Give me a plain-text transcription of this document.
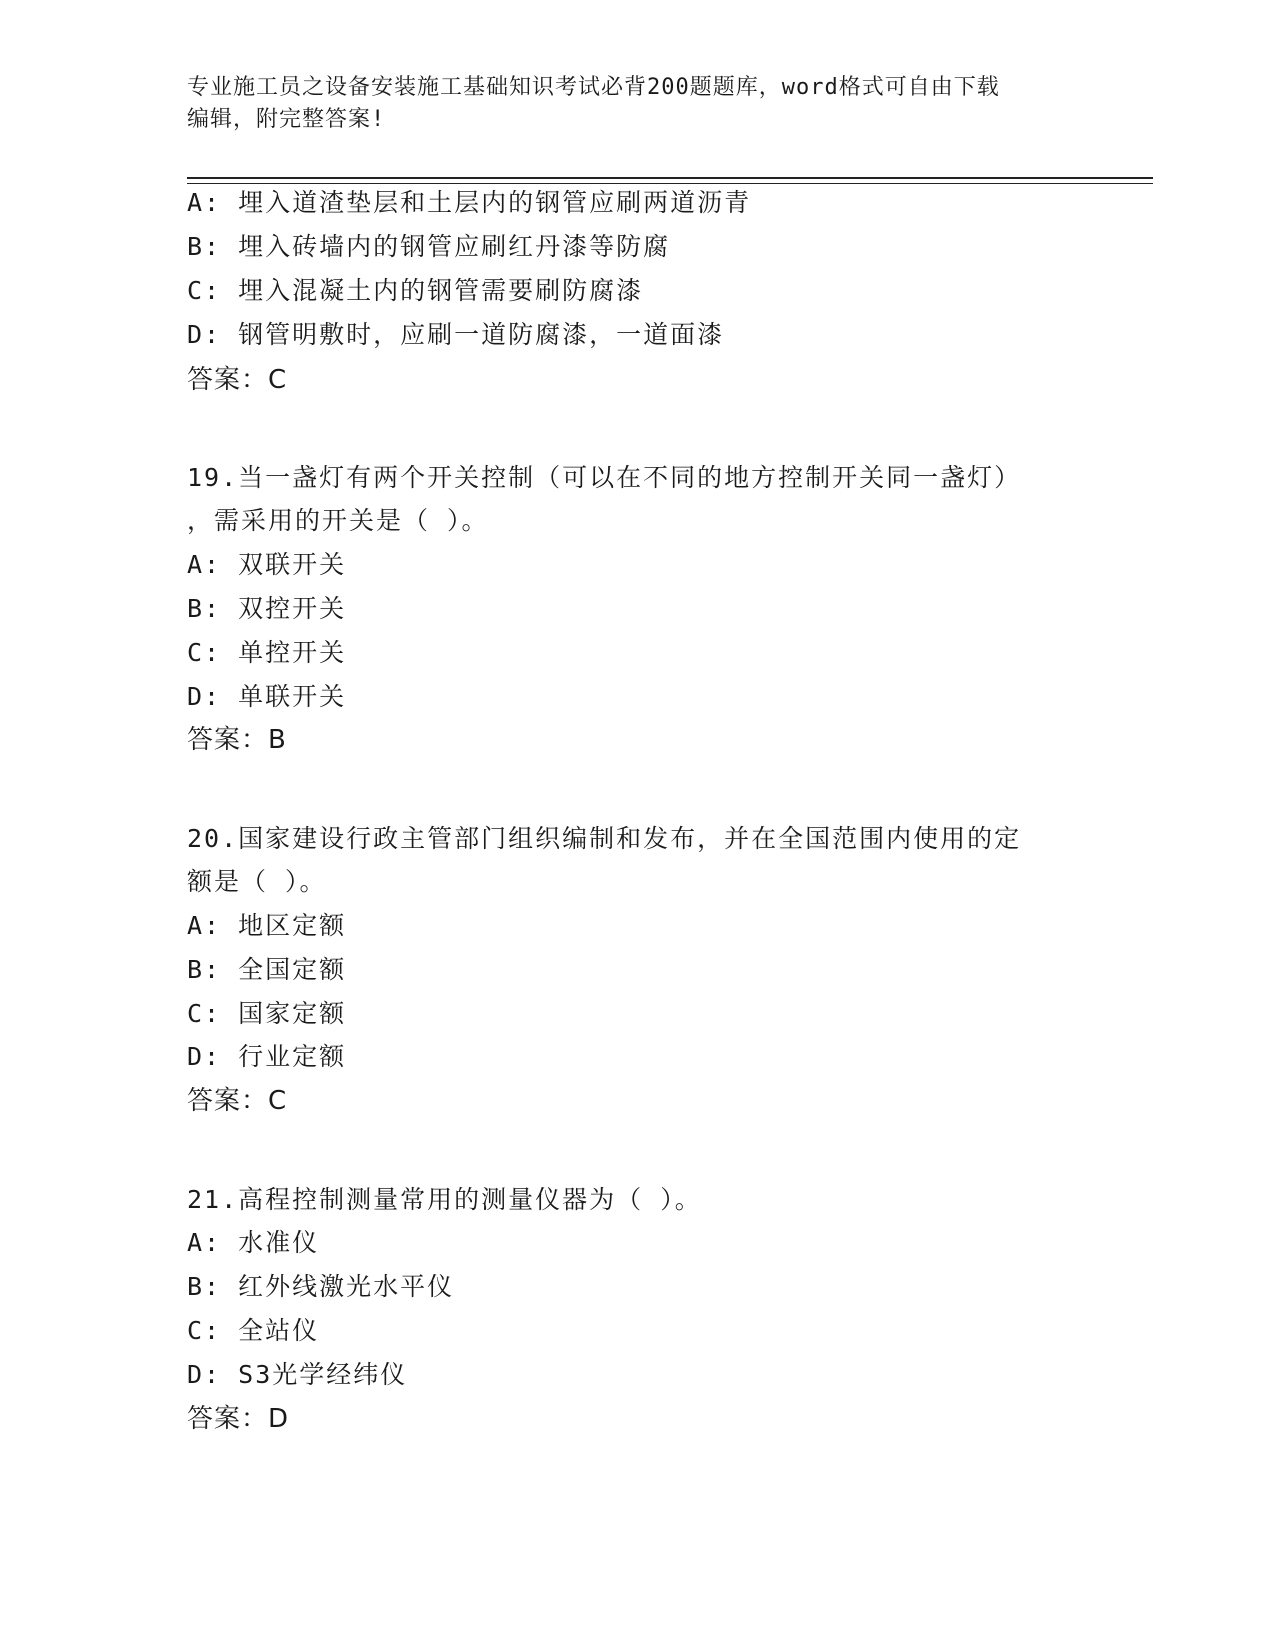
专业施工员之设备安装施工基础知识考试必背200题题库，word格式可自由下载
编辑，附完整答案!
A: 埋入道渣垫层和土层内的钢管应刷两道沥青
B: 埋入砖墙内的钢管应刷红丹漆等防腐
C: 埋入混凝土内的钢管需要刷防腐漆
D: 钢管明敷时，应刷一道防腐漆，一道面漆
答案：C
19.当一盏灯有两个开关控制（可以在不同的地方控制开关同一盏灯）
，需采用的开关是（ ）。
A: 双联开关
B: 双控开关
C: 单控开关
D: 单联开关
答案：B
20.国家建设行政主管部门组织编制和发布，并在全国范围内使用的定
额是（ ）。
A: 地区定额
B: 全国定额
C: 国家定额
D: 行业定额
答案：C
21.高程控制测量常用的测量仪器为（ ）。
A: 水准仪
B: 红外线激光水平仪
C: 全站仪
D: S3光学经纬仪
答案：D
